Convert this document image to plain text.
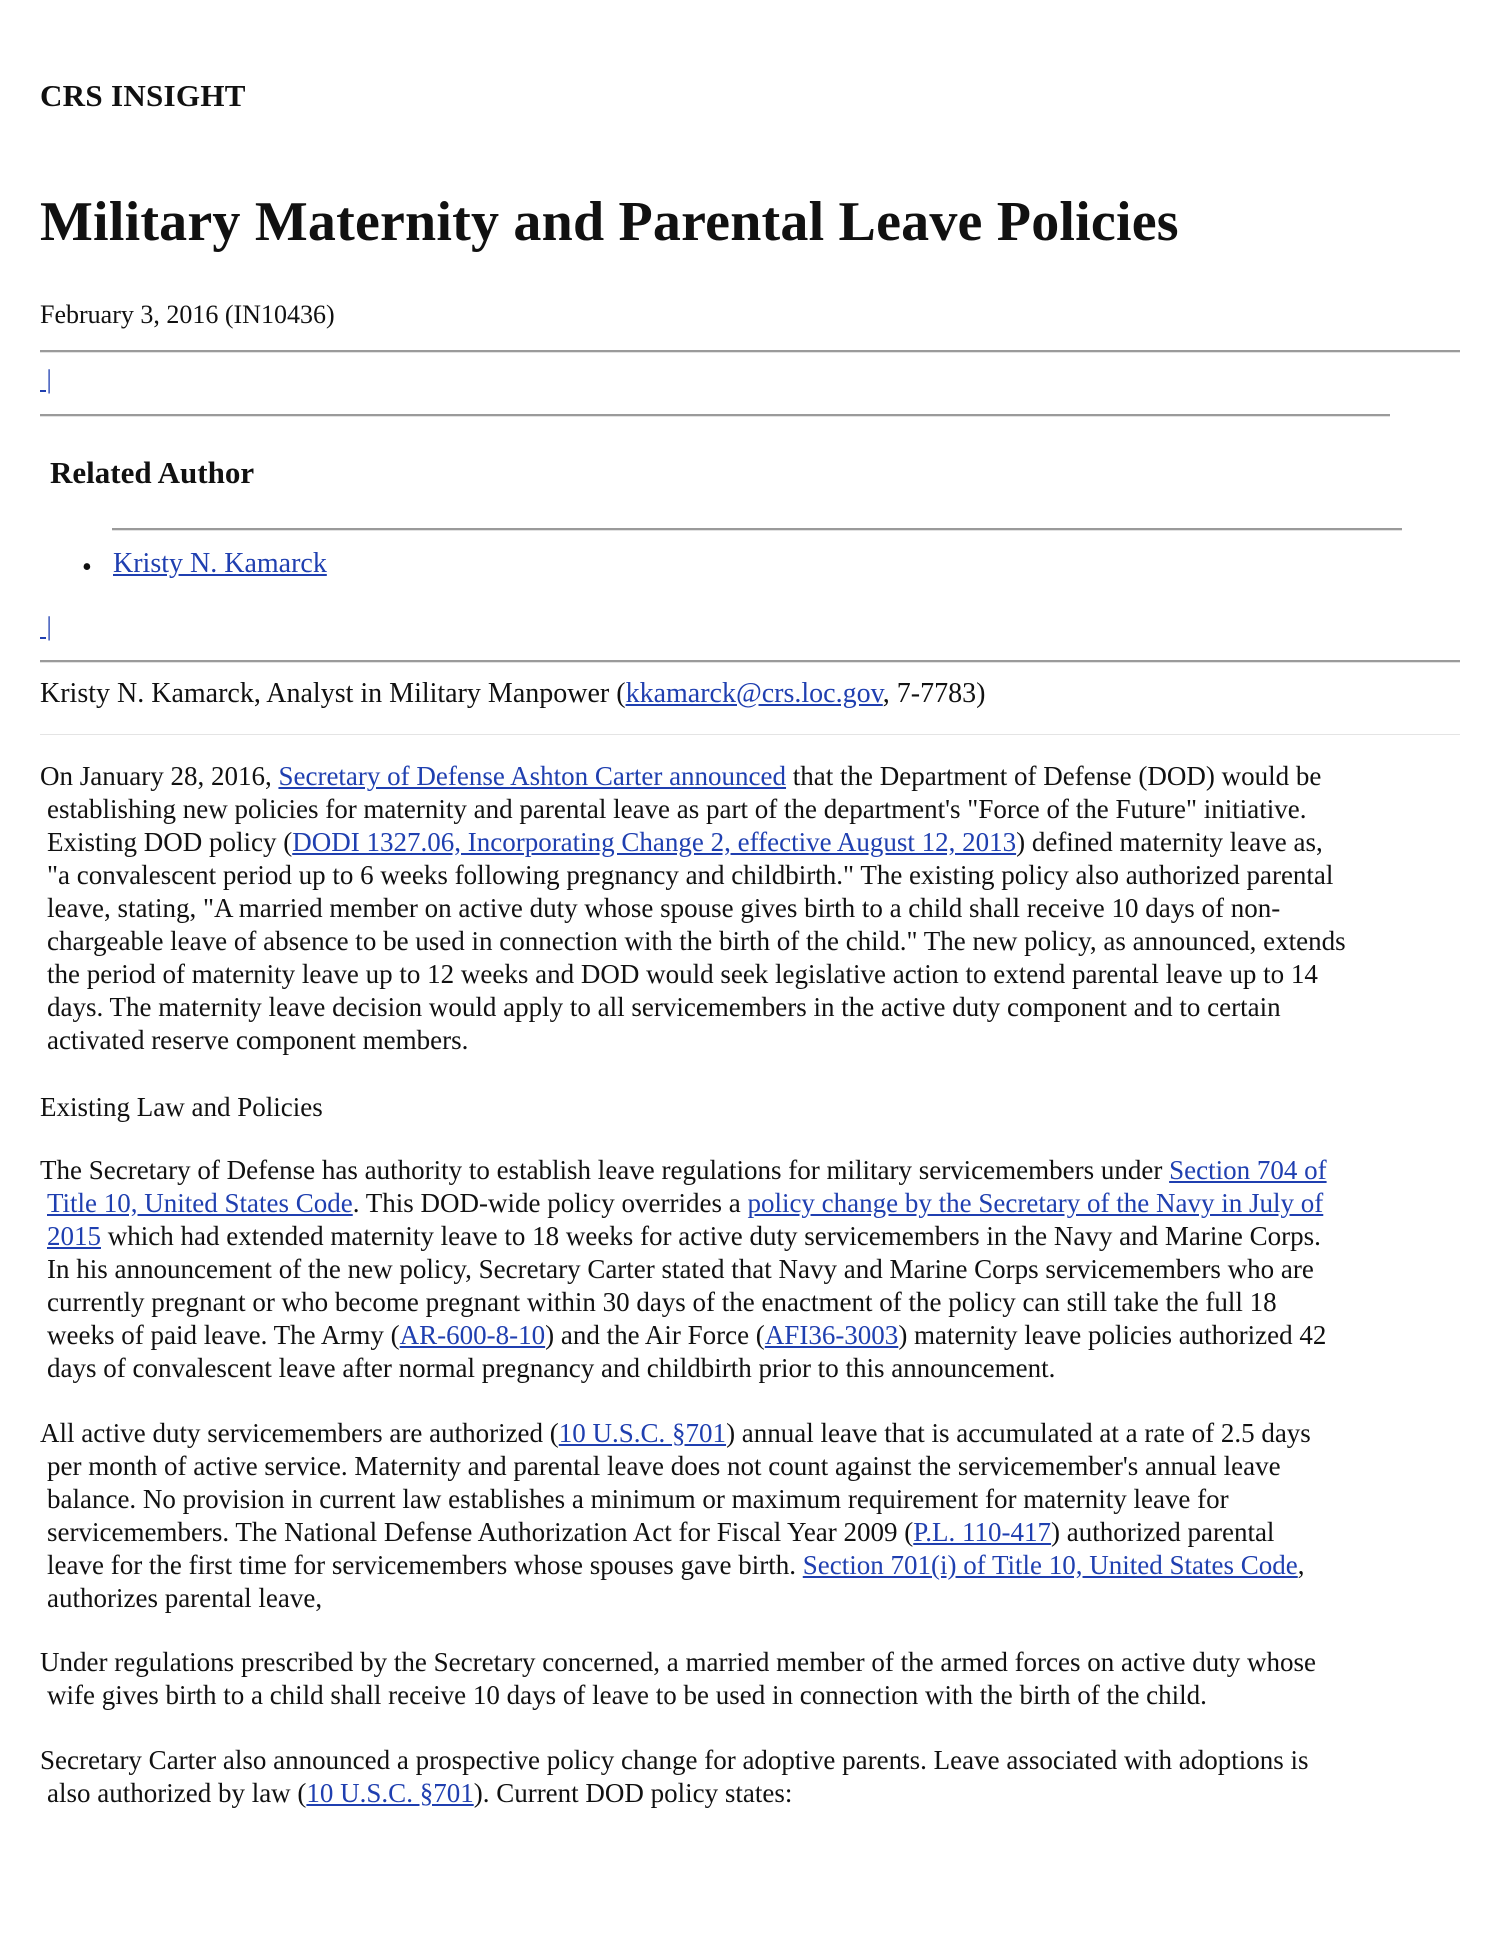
CRS INSIGHT
Military Maternity and Parental Leave Policies
February 3, 2016 (IN10436)
|
Related Author
• Kristy N. Kamarck
|
Kristy N. Kamarck, Analyst in Military Manpower (kkamarck@crs.loc.gov, 7-7783)
On January 28, 2016, Secretary of Defense Ashton Carter announced that the Department of Defense (DOD) would be
establishing new policies for maternity and parental leave as part of the department's "Force of the Future" initiative.
Existing DOD policy (DODI 1327.06, Incorporating Change 2, effective August 12, 2013) defined maternity leave as,
"a convalescent period up to 6 weeks following pregnancy and childbirth." The existing policy also authorized parental
leave, stating, "A married member on active duty whose spouse gives birth to a child shall receive 10 days of non-
chargeable leave of absence to be used in connection with the birth of the child." The new policy, as announced, extends
the period of maternity leave up to 12 weeks and DOD would seek legislative action to extend parental leave up to 14
days. The maternity leave decision would apply to all servicemembers in the active duty component and to certain
activated reserve component members.
Existing Law and Policies
The Secretary of Defense has authority to establish leave regulations for military servicemembers under Section 704 of
Title 10, United States Code. This DOD-wide policy overrides a policy change by the Secretary of the Navy in July of
2015 which had extended maternity leave to 18 weeks for active duty servicemembers in the Navy and Marine Corps.
In his announcement of the new policy, Secretary Carter stated that Navy and Marine Corps servicemembers who are
currently pregnant or who become pregnant within 30 days of the enactment of the policy can still take the full 18
weeks of paid leave. The Army (AR-600-8-10) and the Air Force (AFI36-3003) maternity leave policies authorized 42
days of convalescent leave after normal pregnancy and childbirth prior to this announcement.
All active duty servicemembers are authorized (10 U.S.C. §701) annual leave that is accumulated at a rate of 2.5 days
per month of active service. Maternity and parental leave does not count against the servicemember's annual leave
balance. No provision in current law establishes a minimum or maximum requirement for maternity leave for
servicemembers. The National Defense Authorization Act for Fiscal Year 2009 (P.L. 110-417) authorized parental
leave for the first time for servicemembers whose spouses gave birth. Section 701(i) of Title 10, United States Code,
authorizes parental leave,
Under regulations prescribed by the Secretary concerned, a married member of the armed forces on active duty whose
wife gives birth to a child shall receive 10 days of leave to be used in connection with the birth of the child.
Secretary Carter also announced a prospective policy change for adoptive parents. Leave associated with adoptions is
also authorized by law (10 U.S.C. §701). Current DOD policy states:
